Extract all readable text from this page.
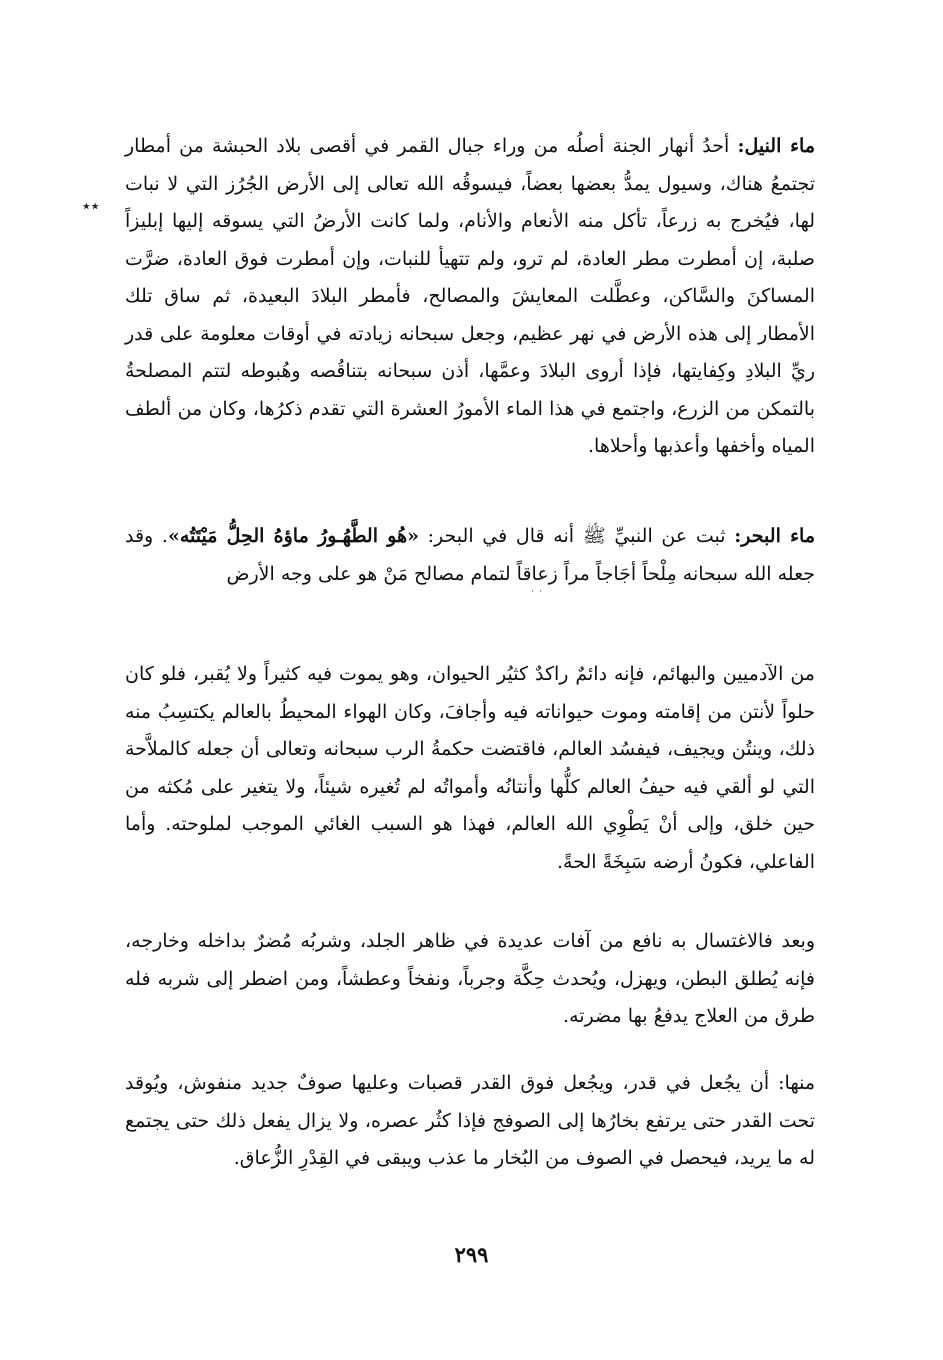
٭٭

ماء النيل: أحدُ أنهار الجنة أصلُه من وراء جبال القمر في أقصى بلاد الحبشة من أمطار تجتمعُ هناك، وسيول يمدُّ بعضها بعضاً، فيسوقُه الله تعالى إلى الأرض الجُرُز التي لا نبات لها، فيُخرج به زرعاً، تأكل منه الأنعام والأنام، ولما كانت الأرضُ التي يسوقه إليها إبليزاً صلبة، إن أمطرت مطر العادة، لم ترو، ولم تتهيأ للنبات، وإن أمطرت فوق العادة، ضرَّت المساكنَ والسَّاكن، وعطَّلت المعايشَ والمصالح، فأمطر البلادَ البعيدة، ثم ساق تلك الأمطار إلى هذه الأرض في نهر عظيم، وجعل سبحانه زيادته في أوقات معلومة على قدر ريِّ البلادِ وكِفايتها، فإذا أروى البلادَ وعمَّها، أذن سبحانه بتناقُصه وهُبوطه لتتم المصلحةُ بالتمكن من الزرع، واجتمع في هذا الماء الأمورُ العشرة التي تقدم ذكرُها، وكان من ألطف المياه وأخفها وأعذبها وأحلاها.

ماء البحر: ثبت عن النبيِّ ﷺ أنه قال في البحر: «هُو الطَّهُـورُ ماؤهُ الحِلُّ مَيْتَتُه». وقد جعله الله سبحانه مِلْحاً أجَاجاً مراً زعاقاً لتمام مصالح مَنْ هو على وجه الأرض

˙ ˙

من الآدميين والبهائم، فإنه دائمٌ راكدٌ كثيُر الحيوان، وهو يموت فيه كثيراً ولا يُقبر، فلو كان حلواً لأنتن من إقامته وموت حيواناته فيه وأجافَ، وكان الهواء المحيطُ بالعالم يكتسِبُ منه ذلك، وينتُن ويجيف، فيفسُد العالم، فاقتضت حكمةُ الرب سبحانه وتعالى أن جعله كالملاَّحة التي لو ألقي فيه حيفُ العالم كلُّها وأنتانُه وأمواتُه لم تُغيره شيئاً، ولا يتغير على مُكثه من حين خلق، وإلى أنْ يَطْوِي الله العالم، فهذا هو السبب الغائي الموجب لملوحته. وأما الفاعلي، فكونُ أرضه سَبِخَةً الحةً.

وبعد فالاغتسال به نافع من آفات عديدة في ظاهر الجلد، وشربُه مُضرٌ بداخله وخارجه، فإنه يُطلق البطن، ويهزل، ويُحدث حِكَّة وجرباً، ونفخاً وعطشاً، ومن اضطر إلى شربه فله طرق من العلاج يدفعُ بها مضرته.

منها: أن يجُعل في قدر، ويجُعل فوق القدر قصبات وعليها صوفٌ جديد منفوش، ويُوقد تحت القدر حتى يرتفع بخارُها إلى الصوفج فإذا كثُر عصره، ولا يزال يفعل ذلك حتى يجتمع له ما يريد، فيحصل في الصوف من البُخار ما عذب ويبقى في القِدْرِ الزُّعاق.

٢٩٩
